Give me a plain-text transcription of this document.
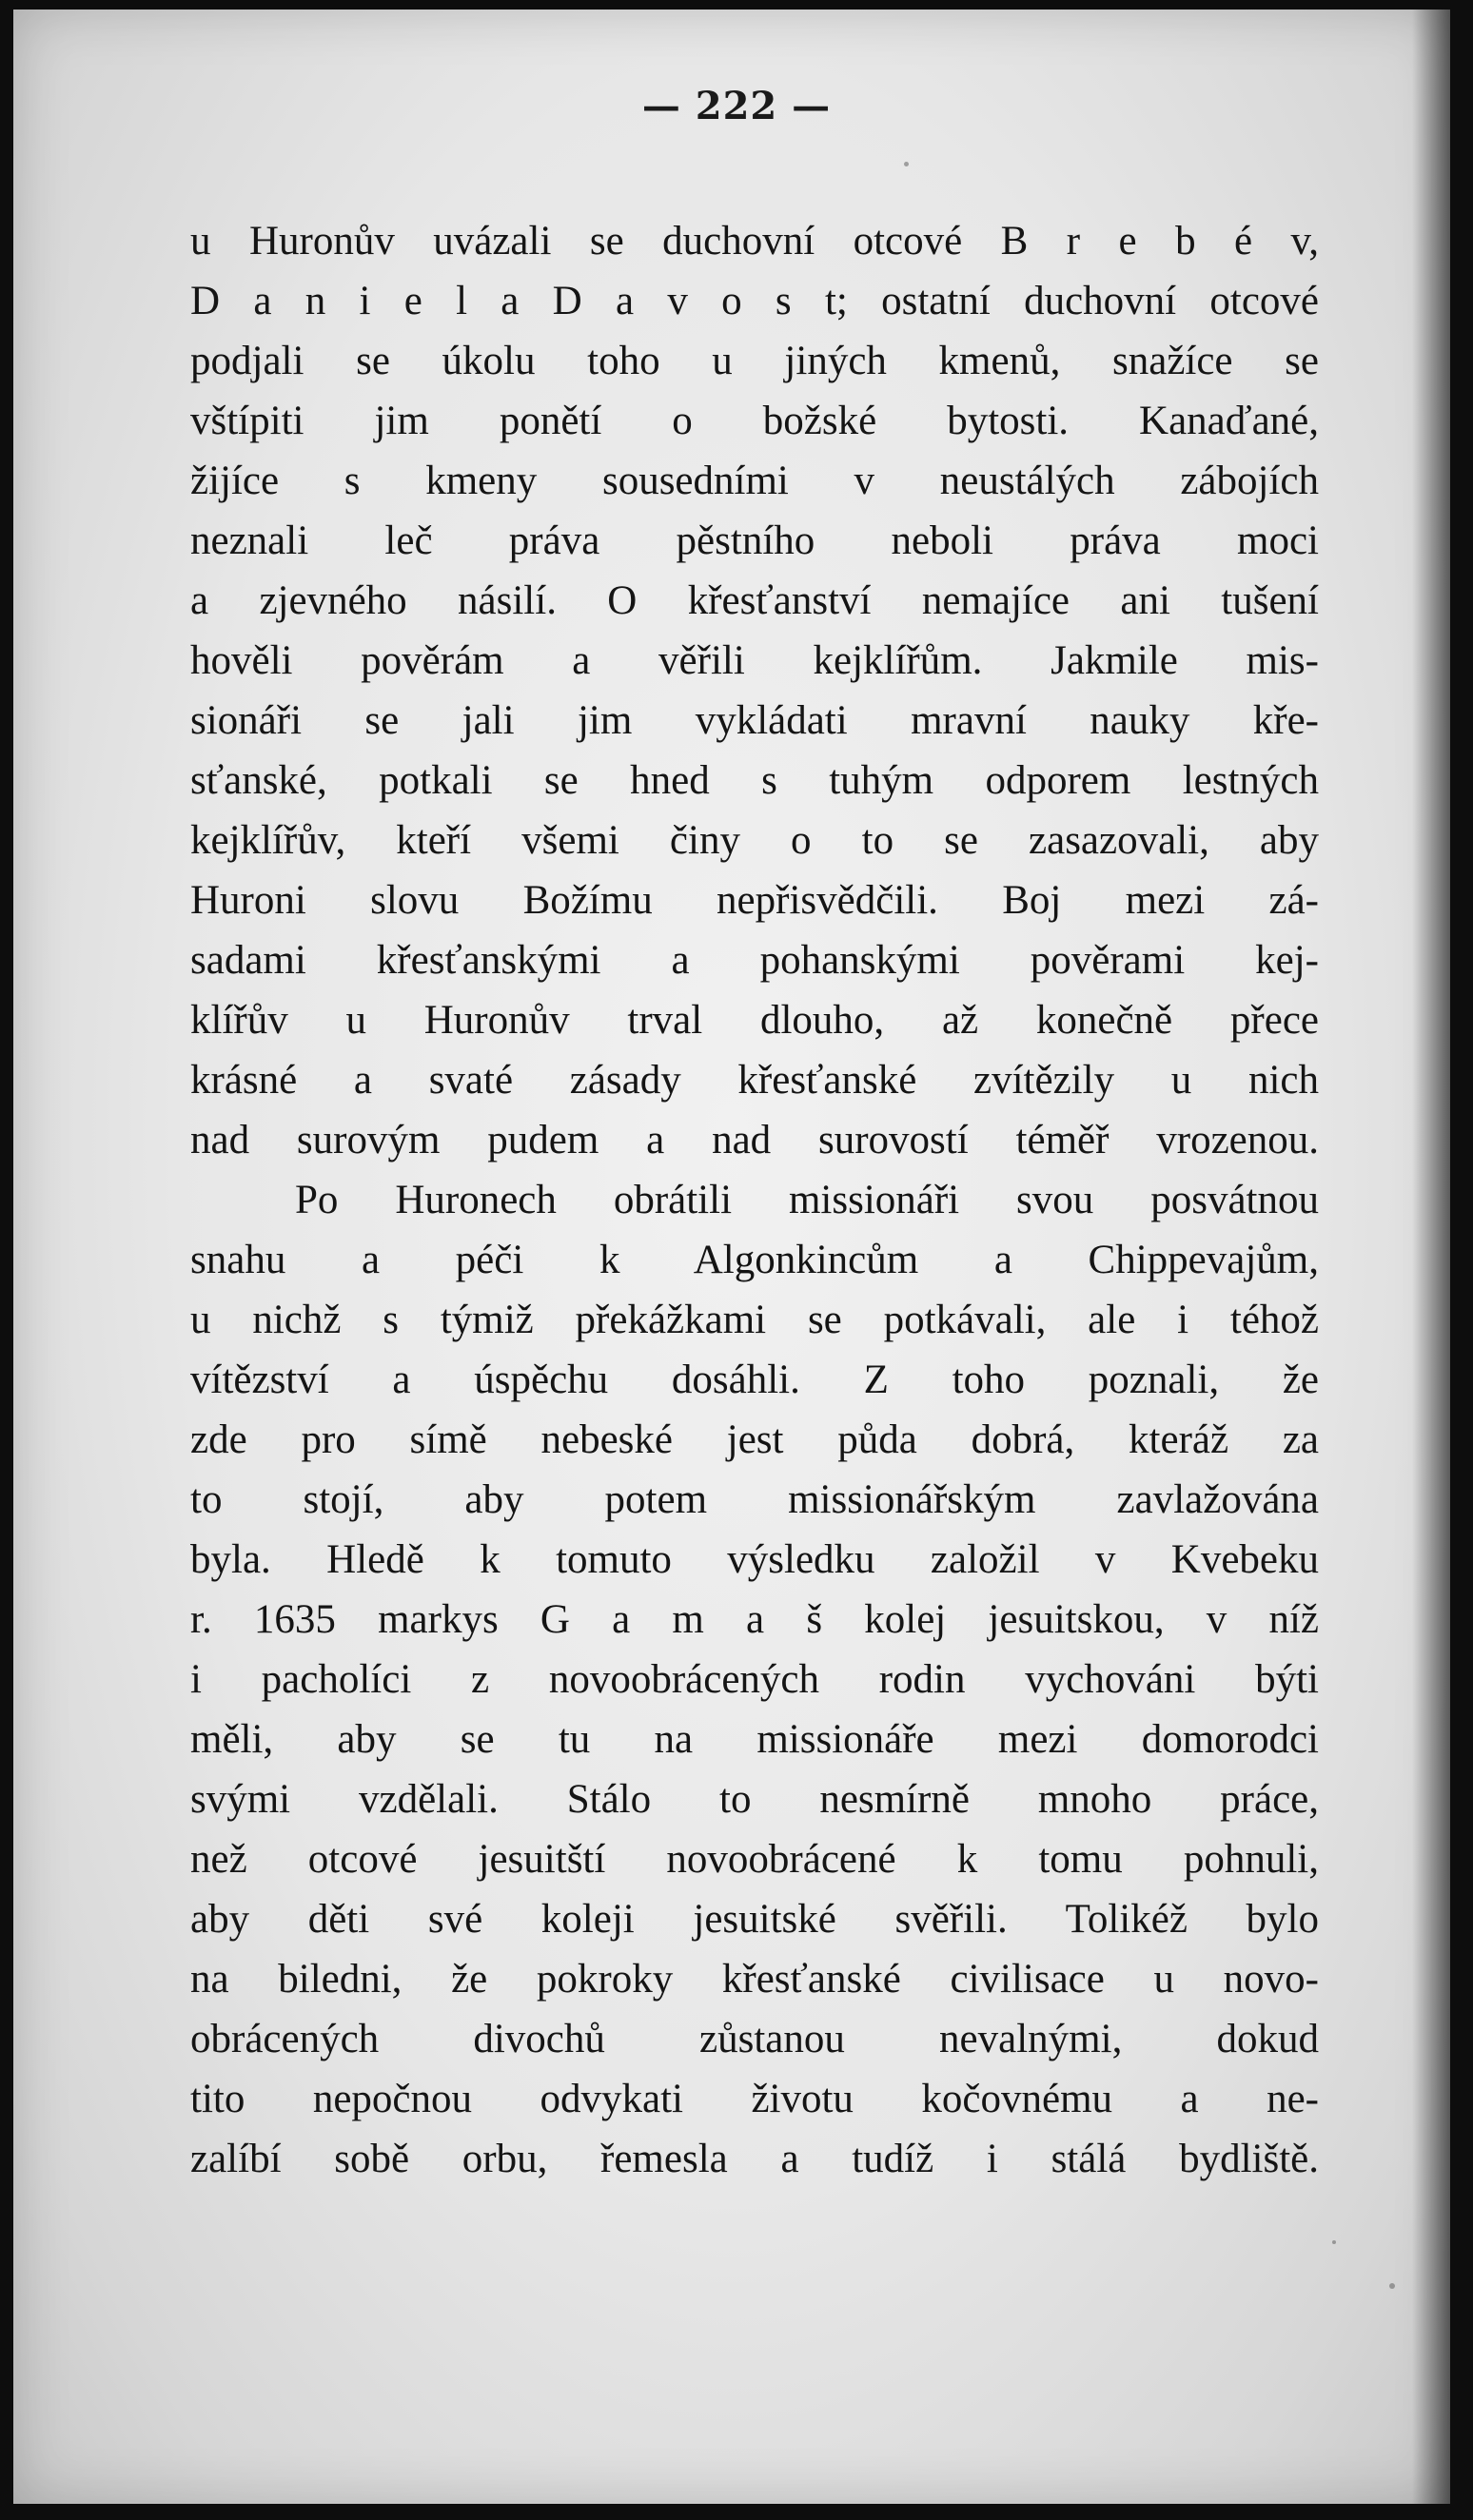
— 222 —
u Huronův uvázali se duchovní otcové B r e b é v,
D a n i e l a D a v o s t; ostatní duchovní otcové
podjali se úkolu toho u jiných kmenů, snažíce se
vštípiti jim ponětí o božské bytosti. Kanaďané,
žijíce s kmeny sousedními v neustálých zábojích
neznali leč práva pěstního neboli práva moci
a zjevného násilí. O křesťanství nemajíce ani tušení
hověli pověrám a věřili kejklířům. Jakmile mis-
sionáři se jali jim vykládati mravní nauky kře-
sťanské, potkali se hned s tuhým odporem lestných
kejklířův, kteří všemi činy o to se zasazovali, aby
Huroni slovu Božímu nepřisvědčili. Boj mezi zá-
sadami křesťanskými a pohanskými pověrami kej-
klířův u Huronův trval dlouho, až konečně přece
krásné a svaté zásady křesťanské zvítězily u nich
nad surovým pudem a nad surovostí téměř vrozenou.
Po Huronech obrátili missionáři svou posvátnou
snahu a péči k Algonkincům a Chippevajům,
u nichž s týmiž překážkami se potkávali, ale i téhož
vítězství a úspěchu dosáhli. Z toho poznali, že
zde pro símě nebeské jest půda dobrá, kteráž za
to stojí, aby potem missionářským zavlažována
byla. Hledě k tomuto výsledku založil v Kvebeku
r. 1635 markys G a m a š kolej jesuitskou, v níž
i pacholíci z novoobrácených rodin vychováni býti
měli, aby se tu na missionáře mezi domorodci
svými vzdělali. Stálo to nesmírně mnoho práce,
než otcové jesuitští novoobrácené k tomu pohnuli,
aby děti své koleji jesuitské svěřili. Tolikéž bylo
na biledni, že pokroky křesťanské civilisace u novo-
obrácených divochů zůstanou nevalnými, dokud
tito nepočnou odvykati životu kočovnému a ne-
zalíbí sobě orbu, řemesla a tudíž i stálá bydliště.
